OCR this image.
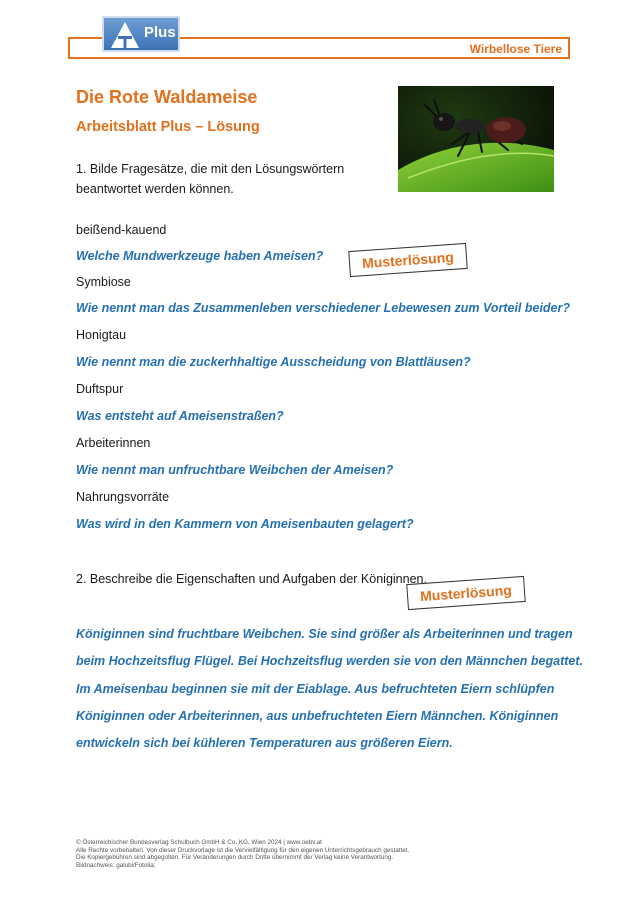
Wirbellose Tiere
Plus
Die Rote Waldameise
Arbeitsblatt Plus – Lösung

1. Bilde Fragesätze, die mit den Lösungswörtern

beantwortet werden können.

beißend-kauend
Welche Mundwerkzeuge haben Ameisen?
Symbiose
Wie nennt man das Zusammenleben verschiedener Lebewesen zum Vorteil beider?
Honigtau
Wie nennt man die zuckerhhaltige Ausscheidung von Blattläusen?
Duftspur
Was entsteht auf Ameisenstraßen?
Arbeiterinnen
Wie nennt man unfruchtbare Weibchen der Ameisen?
Nahrungsvorräte
Was wird in den Kammern von Ameisenbauten gelagert?
Musterlösung

2. Beschreibe die Eigenschaften und Aufgaben der Königinnen.

Musterlösung
Königinnen sind fruchtbare Weibchen. Sie sind größer als Arbeiterinnen und tragen
beim Hochzeitsflug Flügel. Bei Hochzeitsflug werden sie von den Männchen begattet.
Im Ameisenbau beginnen sie mit der Eiablage. Aus befruchteten Eiern schlüpfen
Königinnen oder Arbeiterinnen, aus unbefruchteten Eiern Männchen. Königinnen
entwickeln sich bei kühleren Temperaturen aus größeren Eiern.
© Österreichischer Bundesverlag Schulbuch GmbH & Co. KG, Wien 2024 | www.oebv.at
Alle Rechte vorbehalten. Von dieser Druckvorlage ist die Vervielfältigung für den eigenen Unterrichtsgebrauch gestattet.
Die Kopiergebühren sind abgegolten. Für Veränderungen durch Dritte übernimmt der Verlag keine Verantwortung.
Bildnachweis: galubi/Fotolia;
